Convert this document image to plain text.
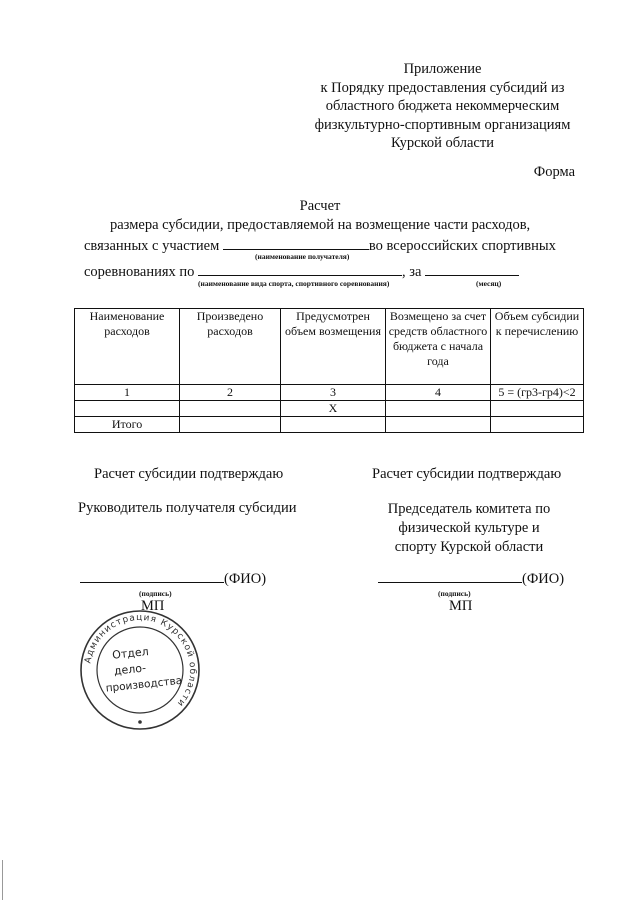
Приложение
к Порядку предоставления субсидий из
областного бюджета некоммерческим
физкультурно-спортивным организациям
Курской области
Форма
Расчет
размера субсидии, предоставляемой на возмещение части расходов,
связанных с участием	во всероссийских спортивных
(наименование получателя)
соревнованиях по	, за
(наименование вида спорта, спортивного соревнования)	(месяц)
Наименование расходов	Произведено расходов	Предусмотрен объем возмещения	Возмещено за счет средств областного бюджета с начала года	Объем субсидии к перечислению
1	2	3	4	5 = (гр3-гр4)<2
		Х		
Итого				
Расчет субсидии подтверждаю
Руководитель получателя субсидии
(ФИО)
(подпись)
МП
Расчет субсидии подтверждаю
Председатель комитета по
физической культуре и
спорту Курской области
(ФИО)
(подпись)
МП
Администрация Курской области
Отдел
дело-
производства
